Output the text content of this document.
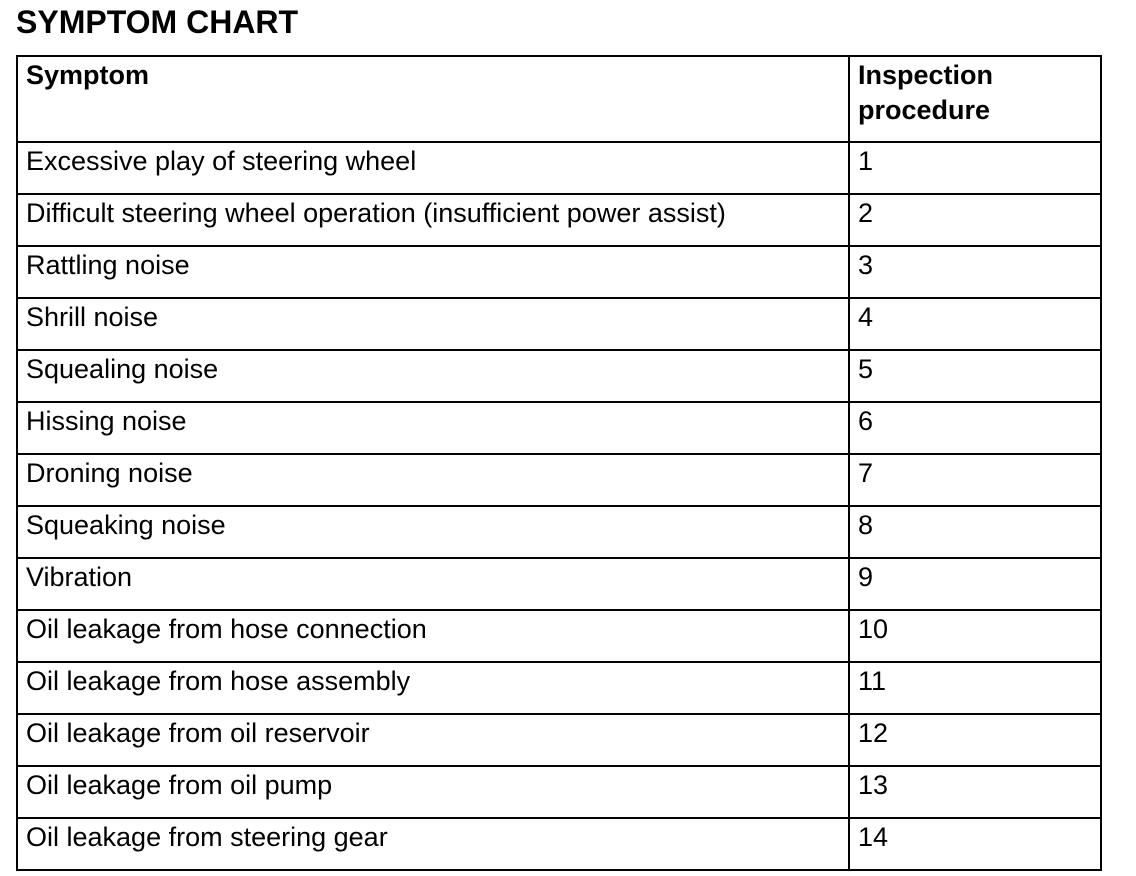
SYMPTOM CHART
Symptom	Inspection procedure
Excessive play of steering wheel	1
Difficult steering wheel operation (insufficient power assist)	2
Rattling noise	3
Shrill noise	4
Squealing noise	5
Hissing noise	6
Droning noise	7
Squeaking noise	8
Vibration	9
Oil leakage from hose connection	10
Oil leakage from hose assembly	11
Oil leakage from oil reservoir	12
Oil leakage from oil pump	13
Oil leakage from steering gear	14
